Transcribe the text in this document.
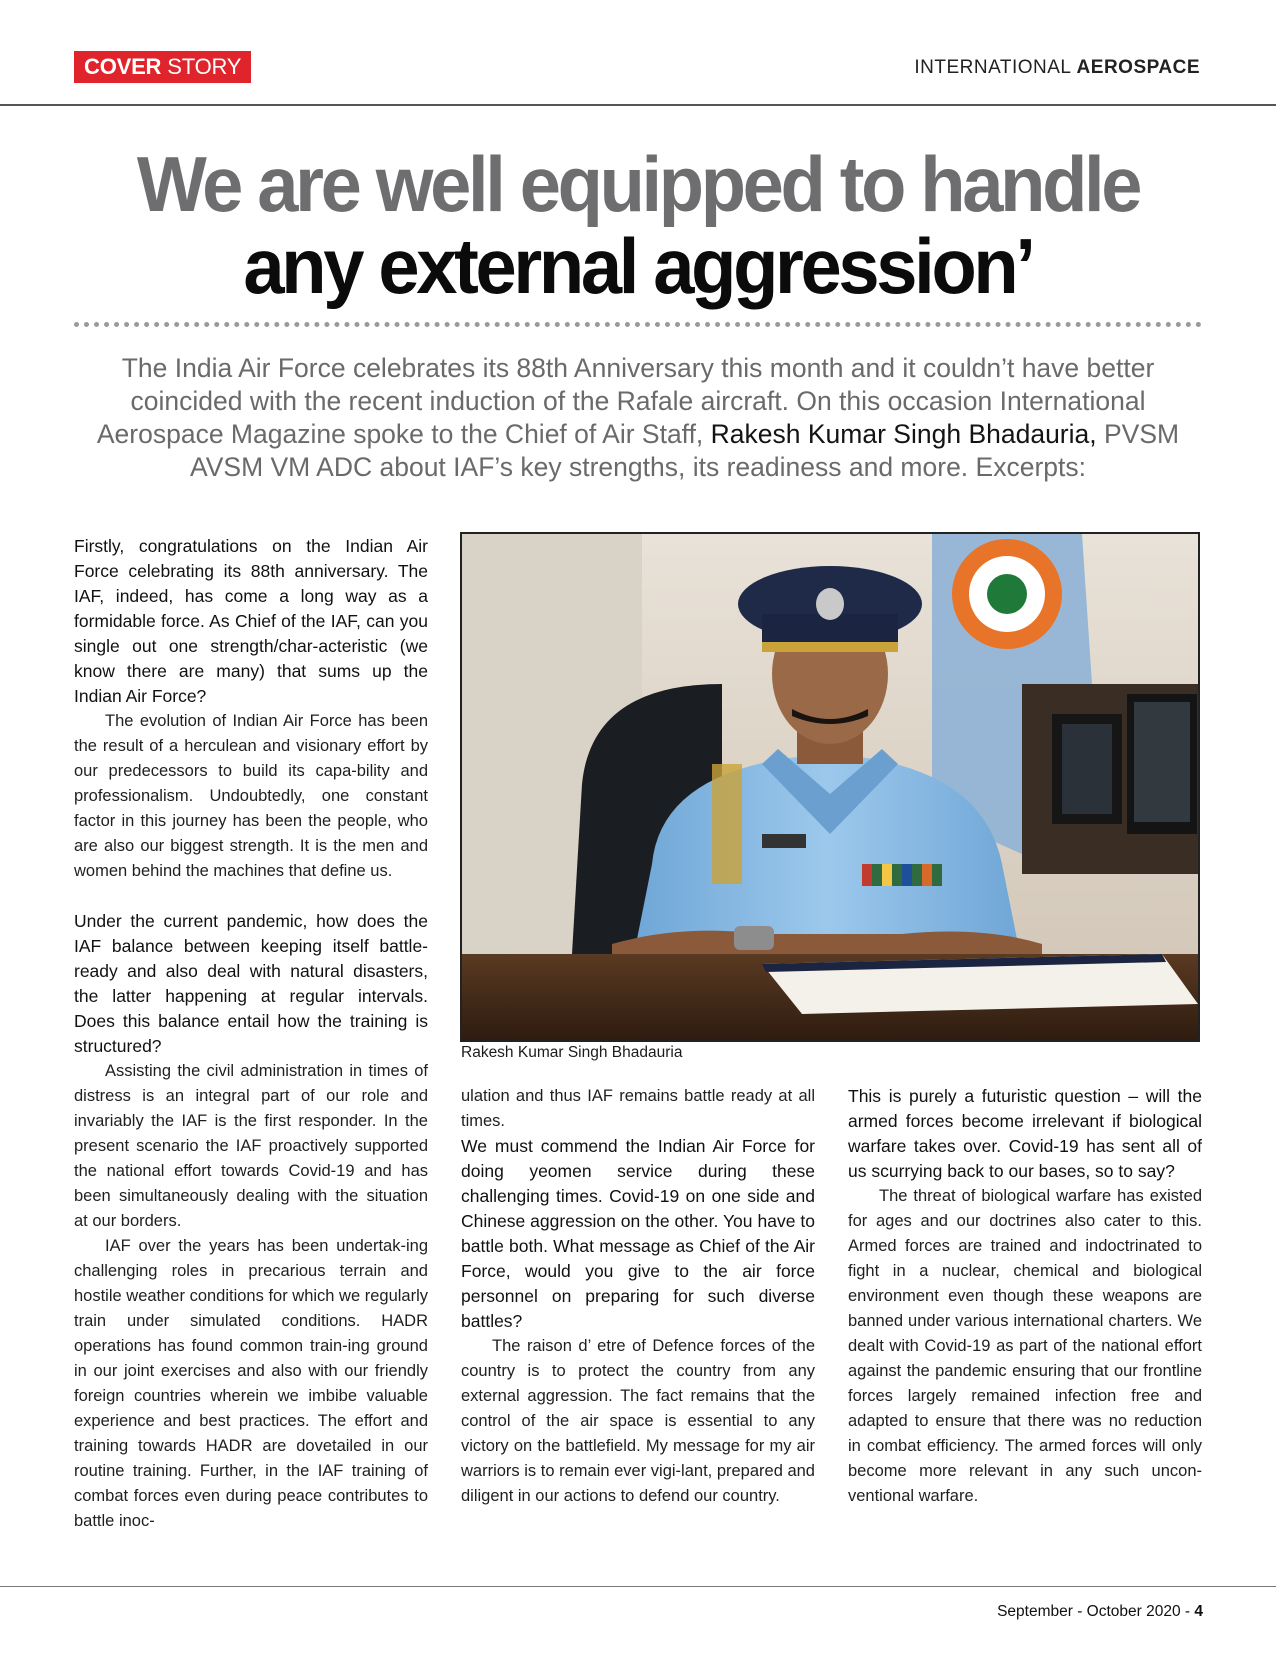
COVER STORY	INTERNATIONAL AEROSPACE
We are well equipped to handle
any external aggression’
The India Air Force celebrates its 88th Anniversary this month and it couldn’t have better coincided with the recent induction of the Rafale aircraft. On this occasion International Aerospace Magazine spoke to the Chief of Air Staff, Rakesh Kumar Singh Bhadauria, PVSM AVSM VM ADC about IAF’s key strengths, its readiness and more. Excerpts:

Firstly, congratulations on the Indian Air Force celebrating its 88th anniversary. The IAF, indeed, has come a long way as a formidable force. As Chief of the IAF, can you single out one strength/char-acteristic (we know there are many) that sums up the Indian Air Force?

The evolution of Indian Air Force has been the result of a herculean and visionary effort by our predecessors to build its capa-bility and professionalism. Undoubtedly, one constant factor in this journey has been the people, who are also our biggest strength. It is the men and women behind the machines that define us.

Under the current pandemic, how does the IAF balance between keeping itself battle-ready and also deal with natural disasters, the latter happening at regular intervals. Does this balance entail how the training is structured?

Assisting the civil administration in times of distress is an integral part of our role and invariably the IAF is the first responder. In the present scenario the IAF proactively supported the national effort towards Covid-19 and has been simultaneously dealing with the situation at our borders.

IAF over the years has been undertak-ing challenging roles in precarious terrain and hostile weather conditions for which we regularly train under simulated conditions. HADR operations has found common train-ing ground in our joint exercises and also with our friendly foreign countries wherein we imbibe valuable experience and best practices. The effort and training towards HADR are dovetailed in our routine training. Further, in the IAF training of combat forces even during peace contributes to battle inoc-

Rakesh Kumar Singh Bhadauria

ulation and thus IAF remains battle ready at all times.

We must commend the Indian Air Force for doing yeomen service during these challenging times. Covid-19 on one side and Chinese aggression on the other. You have to battle both. What message as Chief of the Air Force, would you give to the air force personnel on preparing for such diverse battles?

The raison d’ etre of Defence forces of the country is to protect the country from any external aggression. The fact remains that the control of the air space is essential to any victory on the battlefield. My message for my air warriors is to remain ever vigi-lant, prepared and diligent in our actions to defend our country.

This is purely a futuristic question – will the armed forces become irrelevant if biological warfare takes over. Covid-19 has sent all of us scurrying back to our bases, so to say?

The threat of biological warfare has existed for ages and our doctrines also cater to this. Armed forces are trained and indoctrinated to fight in a nuclear, chemical and biological environment even though these weapons are banned under various international charters. We dealt with Covid-19 as part of the national effort against the pandemic ensuring that our frontline forces largely remained infection free and adapted to ensure that there was no reduction in combat efficiency. The armed forces will only become more relevant in any such uncon-ventional warfare.

September - October 2020 - 4
